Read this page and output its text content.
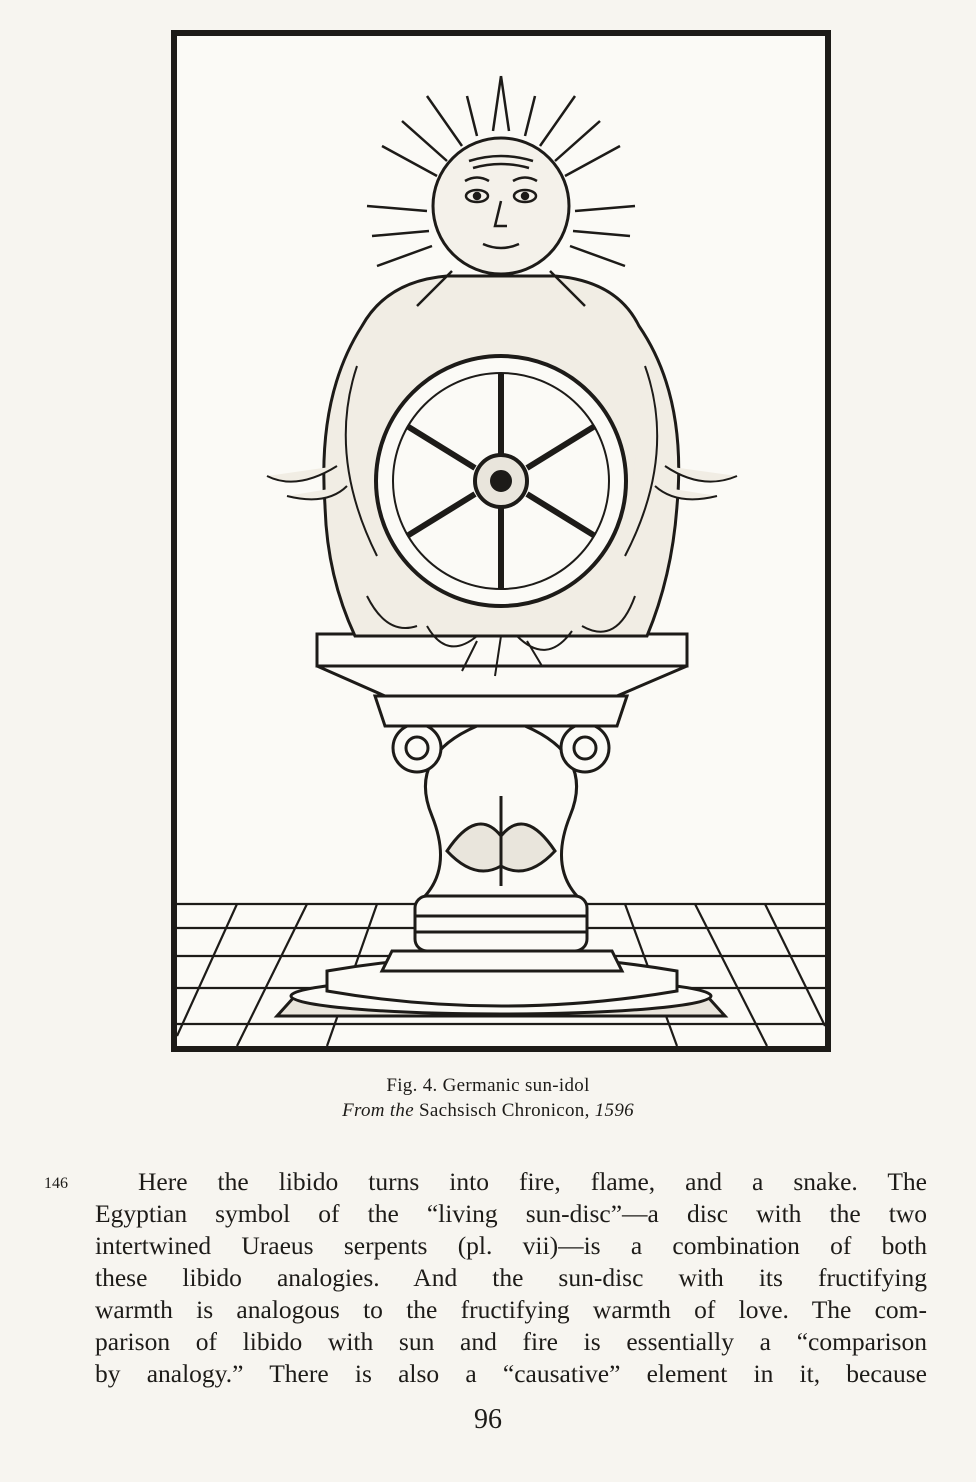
Fig. 4. Germanic sun-idol
From the Sachsisch Chronicon, 1596
146	Here the libido turns into fire, flame, and a snake. The
Egyptian symbol of the “living sun-disc”—a disc with the two
intertwined Uraeus serpents (pl. vii)—is a combination of both
these libido analogies. And the sun-disc with its fructifying
warmth is analogous to the fructifying warmth of love. The com-
parison of libido with sun and fire is essentially a “comparison
by analogy.” There is also a “causative” element in it, because
96
